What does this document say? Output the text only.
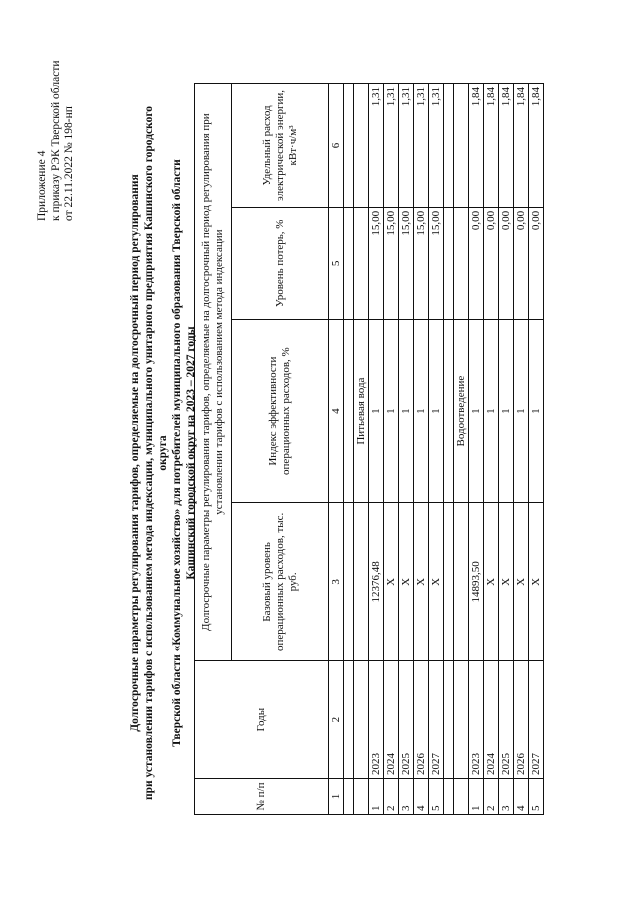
Приложение 4 к приказу РЭК Тверской области от 22.11.2022 № 198-нп
Долгосрочные параметры регулирования тарифов, определяемые на долгосрочный период регулирования при установлении тарифов с использованием метода индексации, муниципального унитарного предприятия Кашинского городского округа Тверской области «Коммунальное хозяйство» для потребителей муниципального образования Тверской области Кашинский городской округ на 2023 – 2027 годы
№ п/п	Годы	Долгосрочные параметры регулирования тарифов, определяемые на долгосрочный период регулирования при установлении тарифов с использованием метода индексации			
		Базовый уровень операционных расходов, тыс. руб.	Индекс эффективности операционных расходов, %	Уровень потерь, %	Удельный расход электрической энергии, кВт·ч/м³
1	2	3	4	5	6

			Питьевая вода		
1	2023	12376,48	1	15,00	1,31
2	2024	Х	1	15,00	1,31
3	2025	Х	1	15,00	1,31
4	2026	Х	1	15,00	1,31
5	2027	Х	1	15,00	1,31

			Водоотведение		
1	2023	14893,50	1	0,00	1,84
2	2024	Х	1	0,00	1,84
3	2025	Х	1	0,00	1,84
4	2026	Х	1	0,00	1,84
5	2027	Х	1	0,00	1,84
